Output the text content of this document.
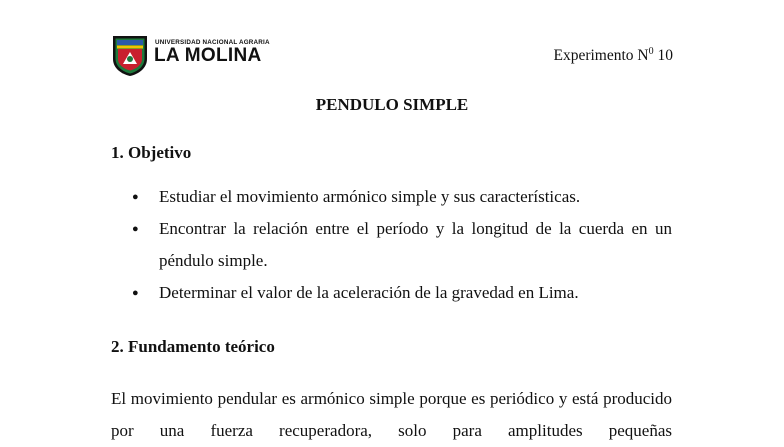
UNIVERSIDAD NACIONAL AGRARIA
LA MOLINA	Experimento $N^0$ 10
PENDULO SIMPLE
1. Objetivo
● Estudiar el movimiento armónico simple y sus características.
● Encontrar la relación entre el período y la longitud de la cuerda en un péndulo simple.
● Determinar el valor de la aceleración de la gravedad en Lima.
2. Fundamento teórico
El movimiento pendular es armónico simple porque es periódico y está producido por una fuerza recuperadora, solo para amplitudes pequeñas
